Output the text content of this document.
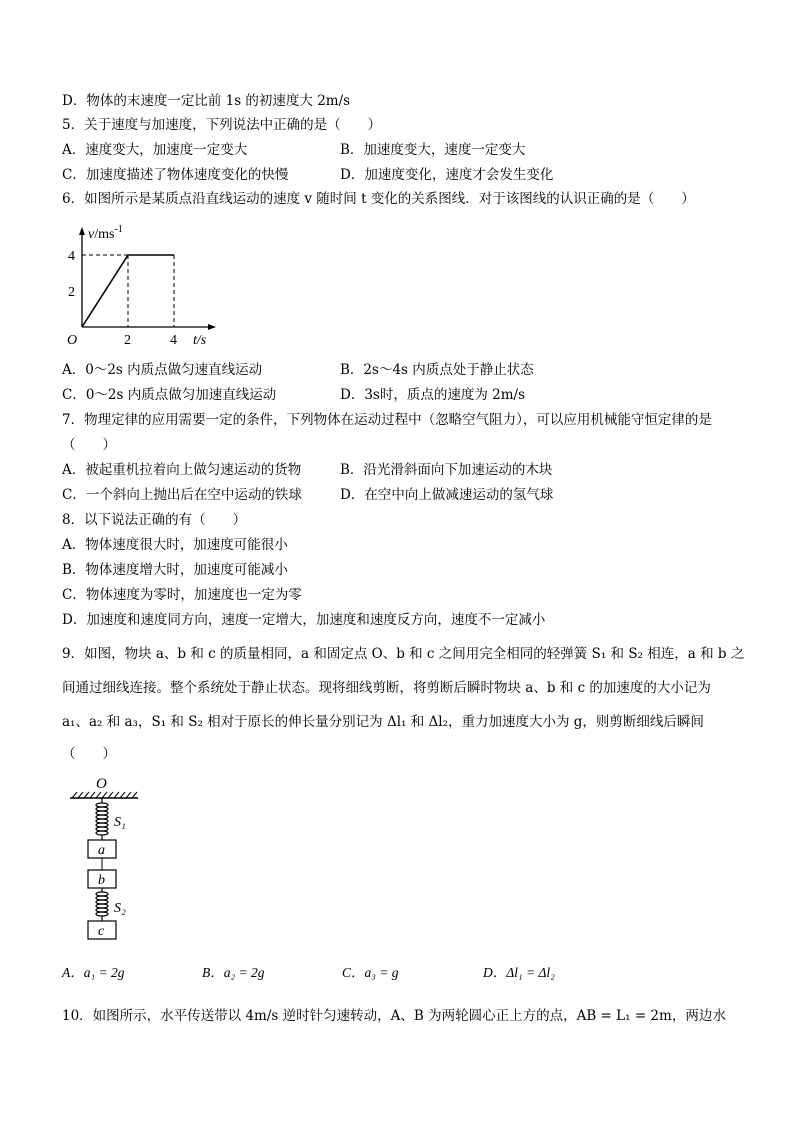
D．物体的末速度一定比前 1s 的初速度大 2m/s
5．关于速度与加速度，下列说法中正确的是（　　）
A．速度变大，加速度一定变大	B．加速度变大，速度一定变大
C．加速度描述了物体速度变化的快慢	D．加速度变化，速度才会发生变化
6．如图所示是某质点沿直线运动的速度 v 随时间 t 变化的关系图线．对于该图线的认识正确的是（　　）
2	4
2
4
O	t/s
$v/ms^{-1}$
A．0～2s 内质点做匀速直线运动	B．2s～4s 内质点处于静止状态
C．0～2s 内质点做匀加速直线运动	D．3s时，质点的速度为 2m/s
7．物理定律的应用需要一定的条件，下列物体在运动过程中（忽略空气阻力），可以应用机械能守恒定律的是
（　　）
A．被起重机拉着向上做匀速运动的货物	B．沿光滑斜面向下加速运动的木块
C．一个斜向上抛出后在空中运动的铁球	D．在空中向上做减速运动的氢气球
8．以下说法正确的有（　　）
A．物体速度很大时，加速度可能很小
B．物体速度增大时，加速度可能减小
C．物体速度为零时，加速度也一定为零
D．加速度和速度同方向，速度一定增大，加速度和速度反方向，速度不一定减小
9．如图，物块 a、b 和 c 的质量相同，a 和固定点 O、b 和 c 之间用完全相同的轻弹簧 S₁ 和 S₂ 相连，a 和 b 之
间通过细线连接。整个系统处于静止状态。现将细线剪断，将剪断后瞬时物块 a、b 和 c 的加速度的大小记为
a₁、a₂ 和 a₃，S₁ 和 S₂ 相对于原长的伸长量分别记为 Δl₁ 和 Δl₂，重力加速度大小为 g，则剪断细线后瞬间
（　　）
O
S₁
a
b
S₂
c
A．a₁ = 2g	B．a₂ = 2g	C．a₃ = g	D．Δl₁ = Δl₂
10．如图所示，水平传送带以 4m/s 逆时针匀速转动，A、B 为两轮圆心正上方的点，AB = L₁ = 2m，两边水
